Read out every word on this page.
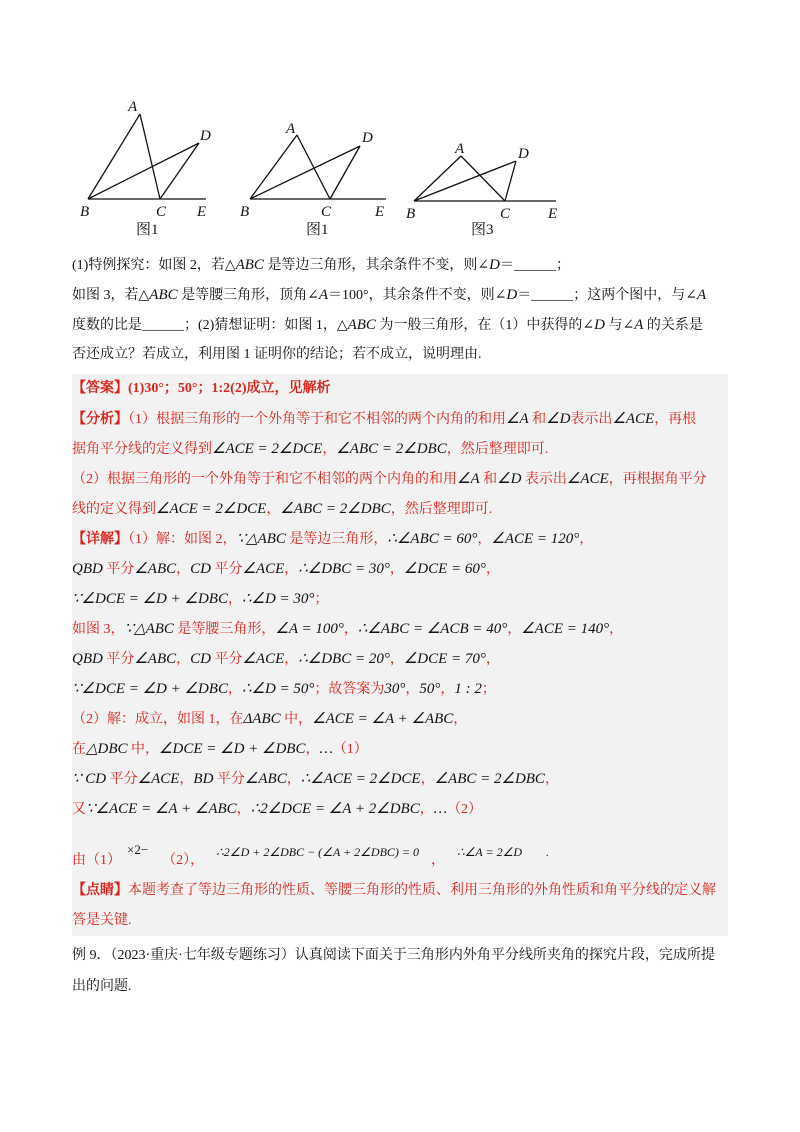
A
D
B	C E
图1
A
D
B	C	E
图1
A	D
B	C	E
图3
(1)特例探究：如图 2，若△ABC 是等边三角形，其余条件不变，则∠D＝______；
如图 3，若△ABC 是等腰三角形，顶角∠A＝100°，其余条件不变，则∠D＝______；这两个图中，与∠A
度数的比是______；(2)猜想证明：如图 1，△ABC 为一般三角形，在（1）中获得的∠D 与∠A 的关系是
否还成立？若成立，利用图 1 证明你的结论；若不成立，说明理由.
【答案】(1)30°；50°；1:2(2)成立，见解析
【分析】（1）根据三角形的一个外角等于和它不相邻的两个内角的和用∠A 和∠D表示出∠ACE，再根
据角平分线的定义得到∠ACE = 2∠DCE，∠ABC = 2∠DBC，然后整理即可.
（2）根据三角形的一个外角等于和它不相邻的两个内角的和用∠A 和∠D 表示出∠ACE，再根据角平分
线的定义得到∠ACE = 2∠DCE，∠ABC = 2∠DBC，然后整理即可.
【详解】（1）解：如图 2，∵△ABC 是等边三角形，∴∠ABC = 60°，∠ACE = 120°，
QBD 平分∠ABC，CD 平分∠ACE，∴∠DBC = 30°，∠DCE = 60°，
∵∠DCE = ∠D + ∠DBC，∴∠D = 30°；
如图 3，∵△ABC 是等腰三角形，∠A = 100°，∴∠ABC = ∠ACB = 40°，∠ACE = 140°，
QBD 平分∠ABC，CD 平分∠ACE，∴∠DBC = 20°，∠DCE = 70°，
∵∠DCE = ∠D + ∠DBC，∴∠D = 50°；故答案为30°，50°，1 : 2；
（2）解：成立，如图 1，在ΔABC 中，∠ACE = ∠A + ∠ABC，
在△DBC 中，∠DCE = ∠D + ∠DBC，…（1）
∵ CD 平分∠ACE，BD 平分∠ABC，∴∠ACE = 2∠DCE，∠ABC = 2∠DBC，
又∵∠ACE = ∠A + ∠ABC，∴2∠DCE = ∠A + 2∠DBC，…（2）
由（1）×2−（2），∴2∠D + 2∠DBC − (∠A + 2∠DBC) = 0，∴∠A = 2∠D .
【点睛】本题考查了等边三角形的性质、等腰三角形的性质、利用三角形的外角性质和角平分线的定义解
答是关键.
例 9．（2023·重庆·七年级专题练习）认真阅读下面关于三角形内外角平分线所夹角的探究片段，完成所提
出的问题.
